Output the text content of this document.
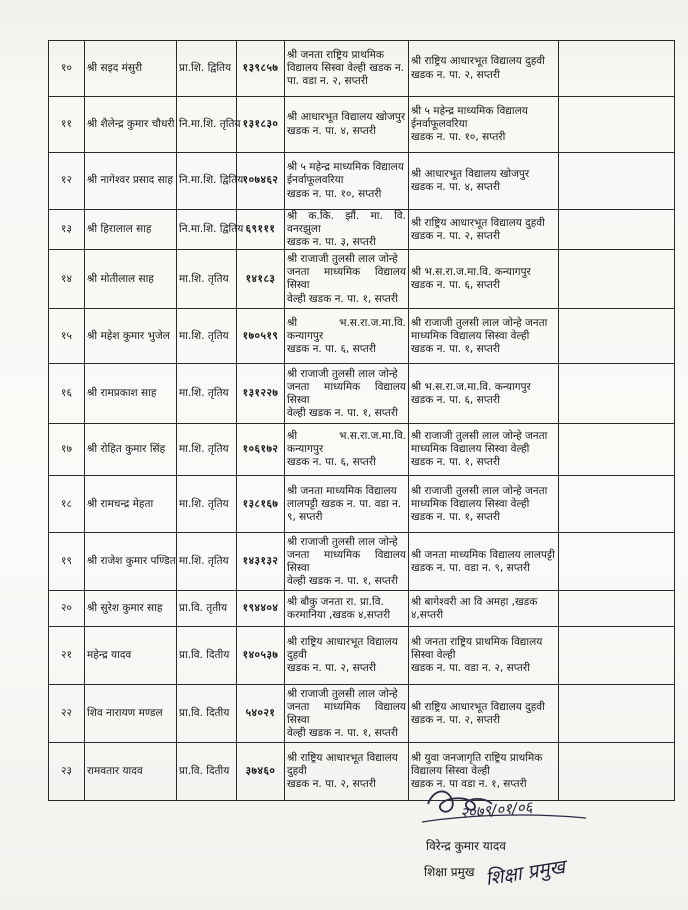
१०	श्री सइद मंसुरी	प्रा.शि. द्वितिय	१३९८५७	श्री जनता राष्ट्रिय प्राथमिक
विद्यालय सिस्वा वेल्ही खडक न.
पा. वडा न. २, सप्तरी	श्री राष्ट्रिय आधारभूत विद्यालय दुहवी
खडक न. पा. २, सप्तरी	

११	श्री शैलेन्द्र कुमार चौधरी	नि.मा.शि. तृतिय	१३१८३०	श्री आधारभूत विद्यालय खोजपुर
खडक न. पा. ४, सप्तरी	श्री ५ महेन्द्र माध्यमिक विद्यालय
ईनर्वाफूलवरिया
खडक न. पा. १०, सप्तरी	

१२	श्री नागेश्वर प्रसाद साह	नि.मा.शि. द्वितिय	१०७४६२	श्री ५ महेन्द्र माध्यमिक विद्यालय
ईनर्वाफूलवरिया
खडक न. पा. १०, सप्तरी	श्री आधारभूत विद्यालय खोजपुर
खडक न. पा. ४, सप्तरी	

१३	श्री हिरालाल साह	नि.मा.शि. द्वितिय	६९१११	श्री क.कि. झौं. मा. वि. वनरझुला
खडक न. पा. ३, सप्तरी	श्री राष्ट्रिय आधारभूत विद्यालय दुहवी
खडक न. पा. २, सप्तरी	

१४	श्री मोतीलाल साह	मा.शि. तृतिय	१४१८३	श्री राजाजी तुलसी लाल जोन्हे
जनता माध्यमिक विद्यालय सिस्वा
वेल्ही खडक न. पा. १, सप्तरी	श्री भ.स.रा.ज.मा.वि. कन्यागपुर
खडक न. पा. ६, सप्तरी	

१५	श्री महेश कुमार भुजेल	मा.शि. तृतिय	१७०५१९	श्री भ.स.रा.ज.मा.वि. कन्यागपुर
खडक न. पा. ६, सप्तरी	श्री राजाजी तुलसी लाल जोन्हे जनता
माध्यमिक विद्यालय सिस्वा वेल्ही
खडक न. पा. १, सप्तरी	

१६	श्री रामप्रकाश साह	मा.शि. तृतिय	१३१२२७	श्री राजाजी तुलसी लाल जोन्हे
जनता माध्यमिक विद्यालय सिस्वा
वेल्ही खडक न. पा. १, सप्तरी	श्री भ.स.रा.ज.मा.वि. कन्यागपुर
खडक न. पा. ६, सप्तरी	

१७	श्री रोहित कुमार सिंह	मा.शि. तृतिय	१०६१७२	श्री भ.स.रा.ज.मा.वि. कन्यागपुर
खडक न. पा. ६, सप्तरी	श्री राजाजी तुलसी लाल जोन्हे जनता
माध्यमिक विद्यालय सिस्वा वेल्ही
खडक न. पा. १, सप्तरी	

१८	श्री रामचन्द्र मेहता	मा.शि. तृतिय	१३८१६७	श्री जनता माध्यमिक विद्यालय
लालपट्टी खडक न. पा. वडा न.
९, सप्तरी	श्री राजाजी तुलसी लाल जोन्हे जनता
माध्यमिक विद्यालय सिस्वा वेल्ही
खडक न. पा. १, सप्तरी	

१९	श्री राजेश कुमार पण्डित	मा.शि. तृतिय	१४३१३२	श्री राजाजी तुलसी लाल जोन्हे
जनता माध्यमिक विद्यालय सिस्वा
वेल्ही खडक न. पा. १, सप्तरी	श्री जनता माध्यमिक विद्यालय लालपट्टी
खडक न. पा. वडा न. ९, सप्तरी	

२०	श्री सुरेश कुमार साह	प्रा.वि. तृतीय	१९४४०४	श्री बौकु जनता रा. प्रा.वि.
करमानिया ,खडक ४,सप्तरी	श्री बागेश्वरी आ वि अमहा ,खडक
४,सप्तरी	

२१	महेन्द्र यादव	प्रा.वि. दितीय	१४०५३७	श्री राष्ट्रिय आधारभूत विद्यालय
दुहवी
खडक न. पा. २, सप्तरी	श्री जनता राष्ट्रिय प्राथमिक विद्यालय
सिस्वा वेल्ही
खडक न. पा. वडा न. २, सप्तरी	

२२	शिव नारायण मण्डल	प्रा.वि. दितीय	५४०२१	श्री राजाजी तुलसी लाल जोन्हे
जनता माध्यमिक विद्यालय सिस्वा
वेल्ही खडक न. पा. १, सप्तरी	श्री राष्ट्रिय आधारभूत विद्यालय दुहवी
खडक न. पा. २, सप्तरी	

२३	रामवतार यादव	प्रा.वि. दितीय	३७४६०	श्री राष्ट्रिय आधारभूत विद्यालय
दुहवी
खडक न. पा. २, सप्तरी	श्री युवा जनजागृति राष्ट्रिय प्राथमिक
विद्यालय सिस्वा वेल्ही
खडक न. पा वडा न. १, सप्तरी	

२०७९/०१/०६
विरेन्द्र कुमार यादव
शिक्षा प्रमुख शिक्षा प्रमुख
